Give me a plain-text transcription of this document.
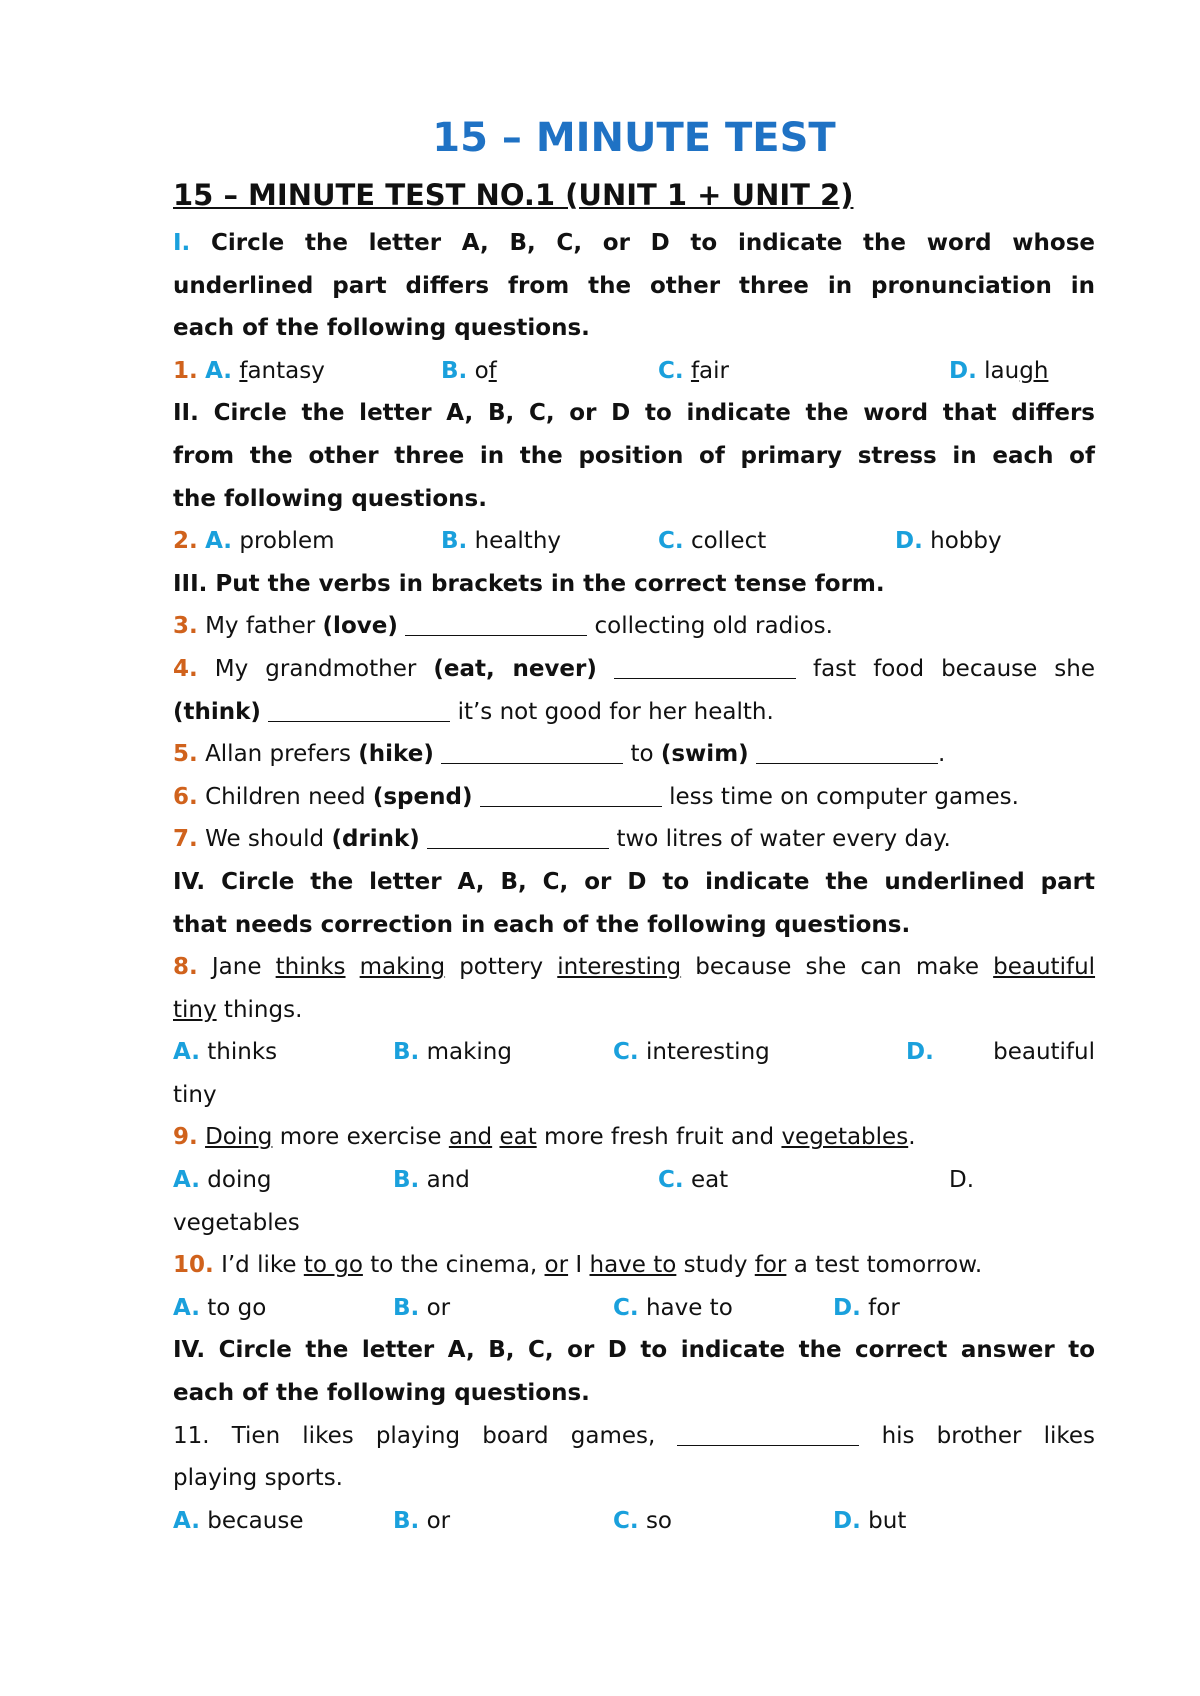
15 – MINUTE TEST
15 – MINUTE TEST NO.1 (UNIT 1 + UNIT 2)
I. Circle the letter A, B, C, or D to indicate the word whose
underlined part differs from the other three in pronunciation in
each of the following questions.
1. A. fantasy	B. of	C. fair	D. laugh
II. Circle the letter A, B, C, or D to indicate the word that differs
from the other three in the position of primary stress in each of
the following questions.
2. A. problem	B. healthy	C. collect	D. hobby
III. Put the verbs in brackets in the correct tense form.
3. My father (love)	collecting old radios.
4. My grandmother (eat, never)	fast food because she
(think)	it’s not good for her health.
5. Allan prefers (hike)	to (swim)	.
6. Children need (spend)	less time on computer games.
7. We should (drink)	two litres of water every day.
IV. Circle the letter A, B, C, or D to indicate the underlined part
that needs correction in each of the following questions.
8. Jane thinks making pottery interesting because she can make beautiful
tiny things.
A. thinks	B. making	C. interesting	D.	beautiful
tiny
9. Doing more exercise and eat more fresh fruit and vegetables.
A. doing	B. and	C. eat	D.
vegetables
10. I’d like to go to the cinema, or I have to study for a test tomorrow.
A. to go	B. or	C. have to	D. for
IV. Circle the letter A, B, C, or D to indicate the correct answer to
each of the following questions.
11. Tien likes playing board games,	his brother likes
playing sports.
A. because	B. or	C. so	D. but
